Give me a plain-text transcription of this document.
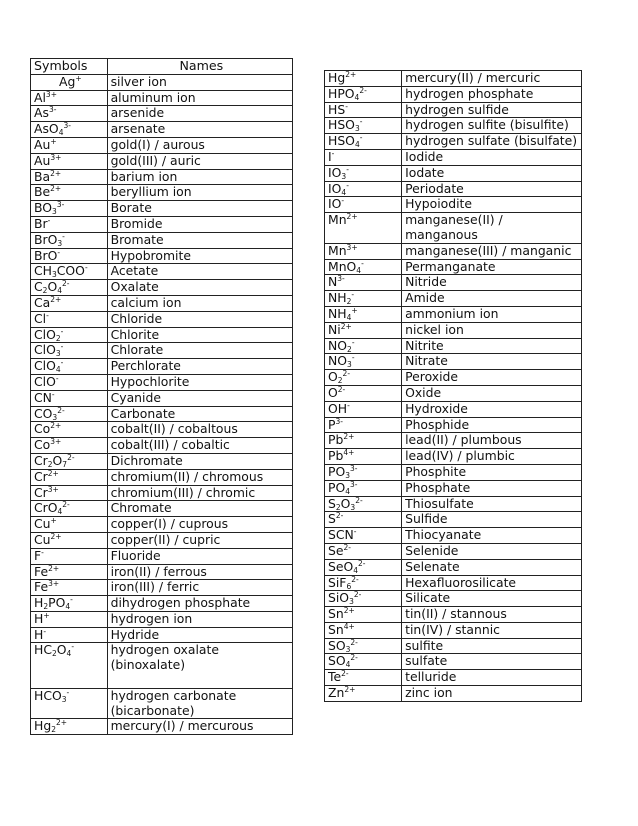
Symbols	Names
Ag+	silver ion

$Al^{3+}$	aluminum ion

$As^{3-}$	arsenide

AsO$_4^{3-}$	arsenate

Au+	gold(I) / aurous

$Au^{3+}$	gold(III) / auric

$Ba^{2+}$	barium ion

$Be^{2+}$	beryllium ion

$BO_3^{3-}$	Borate

Br-	Bromide

BrO$_3$-	Bromate

BrO-	Hypobromite

$CH_3COO^-$	Acetate

$C_2O_4^{2-}$	Oxalate

$Ca^{2+}$	calcium ion

Cl-	Chloride

ClO$_2$-	Chlorite

ClO$_3$-	Chlorate

ClO$_4$-	Perchlorate

ClO-	Hypochlorite

CN-	Cyanide

$CO_3^{2-}$	Carbonate

$Co^{2+}$	cobalt(II) / cobaltous

$Co^{3+}$	cobalt(III) / cobaltic

$Cr_2O_7^{2-}$	Dichromate

$Cr^{2+}$	chromium(II) / chromous

$Cr^{3+}$	chromium(III) / chromic

CrO$_4^{2-}$	Chromate

Cu+	copper(I) / cuprous

$Cu^{2+}$	copper(II) / cupric

F-	Fluoride

$Fe^{2+}$	iron(II) / ferrous

$Fe^{3+}$	iron(III) / ferric

$H_2PO_4^-$	dihydrogen phosphate

H+	hydrogen ion

H-	Hydride

$HC_2O_4^-$	hydrogen oxalate
(binoxalate)

$HCO_3^-$	hydrogen carbonate
(bicarbonate)

$Hg_2^{2+}$	mercury(I) / mercurous
$Hg^{2+}$	mercury(II) / mercuric

$HPO_4^{2-}$	hydrogen phosphate

HS-	hydrogen sulfide

$HSO_3^-$	hydrogen sulfite (bisulfite)

$HSO_4^-$	hydrogen sulfate (bisulfate)

I-	Iodide

$IO_3^-$	Iodate

$IO_4^-$	Periodate

IO-	Hypoiodite

$Mn^{2+}$	manganese(II) /
manganous

$Mn^{3+}$	manganese(III) / manganic

MnO$_4$-	Permanganate

$N^{3-}$	Nitride

$NH_2^-$	Amide

$NH_4^+$	ammonium ion

$Ni^{2+}$	nickel ion

$NO_2^-$	Nitrite

$NO_3^-$	Nitrate

$O_2^{2-}$	Peroxide

$O^{2-}$	Oxide

OH-	Hydroxide

$P^{3-}$	Phosphide

$Pb^{2+}$	lead(II) / plumbous

$Pb^{4+}$	lead(IV) / plumbic

$PO_3^{3-}$	Phosphite

$PO_4^{3-}$	Phosphate

$S_2O_3^{2-}$	Thiosulfate

$S^{2-}$	Sulfide

SCN-	Thiocyanate

$Se^{2-}$	Selenide

SeO$_4^{2-}$	Selenate

SiF$_6^{2-}$	Hexafluorosilicate

SiO$_3^{2-}$	Silicate

$Sn^{2+}$	tin(II) / stannous

$Sn^{4+}$	tin(IV) / stannic

$SO_3^{2-}$	sulfite

$SO_4^{2-}$	sulfate

$Te^{2-}$	telluride

$Zn^{2+}$	zinc ion
